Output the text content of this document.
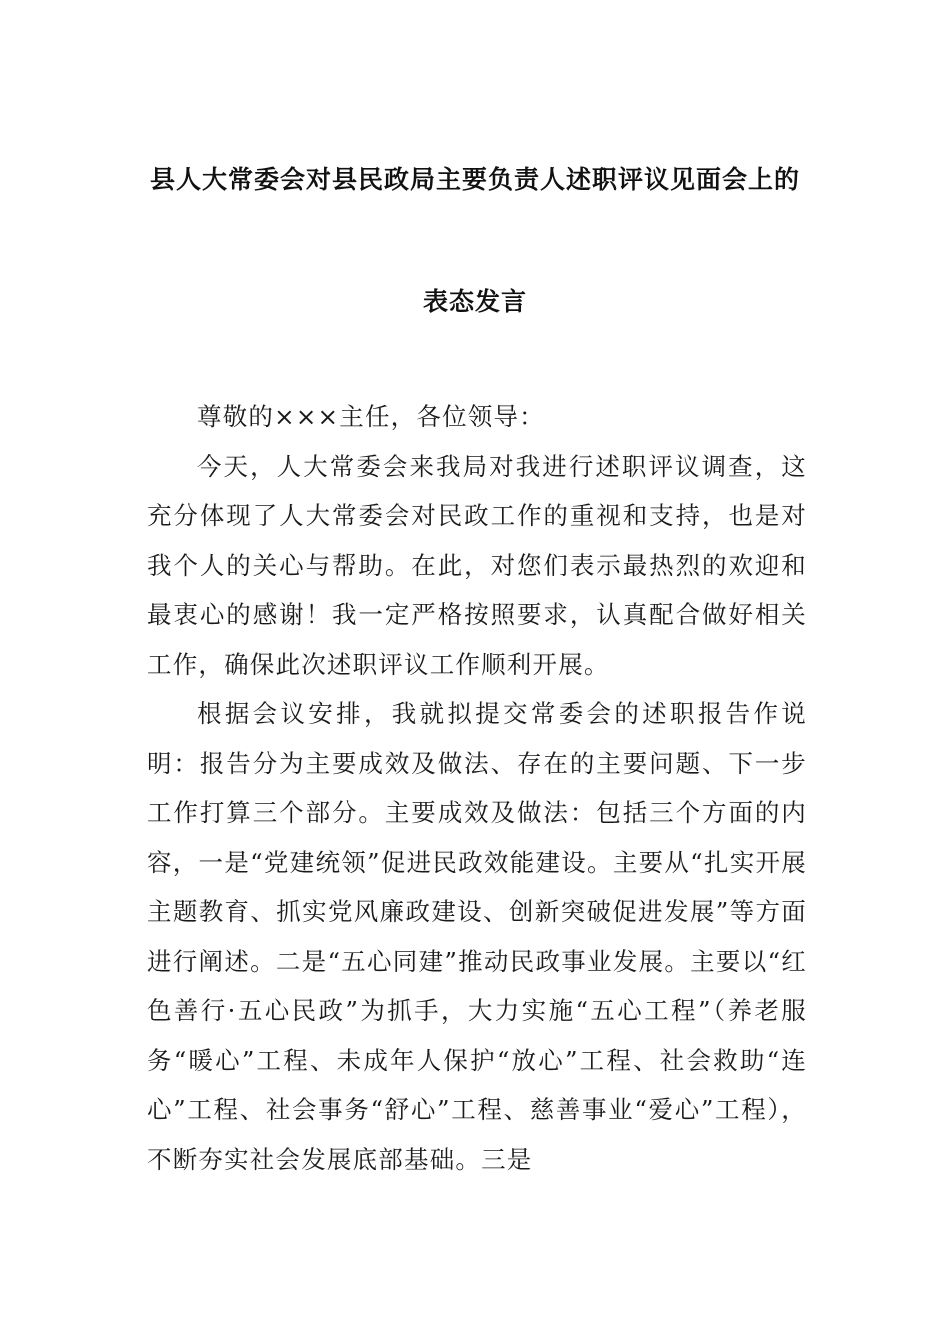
县人大常委会对县民政局主要负责人述职评议见面会上的
表态发言

尊敬的×××主任，各位领导：

今天，人大常委会来我局对我进行述职评议调查，这充分体现了人大常委会对民政工作的重视和支持，也是对我个人的关心与帮助。在此，对您们表示最热烈的欢迎和最衷心的感谢！我一定严格按照要求，认真配合做好相关工作，确保此次述职评议工作顺利开展。

根据会议安排，我就拟提交常委会的述职报告作说明：报告分为主要成效及做法、存在的主要问题、下一步工作打算三个部分。主要成效及做法：包括三个方面的内容，一是“党建统领”促进民政效能建设。主要从“扎实开展主题教育、抓实党风廉政建设、创新突破促进发展”等方面进行阐述。二是“五心同建”推动民政事业发展。主要以“红色善行·五心民政”为抓手，大力实施“五心工程”（养老服务“暖心”工程、未成年人保护“放心”工程、社会救助“连心”工程、社会事务“舒心”工程、慈善事业“爱心”工程），不断夯实社会发展底部基础。三是
